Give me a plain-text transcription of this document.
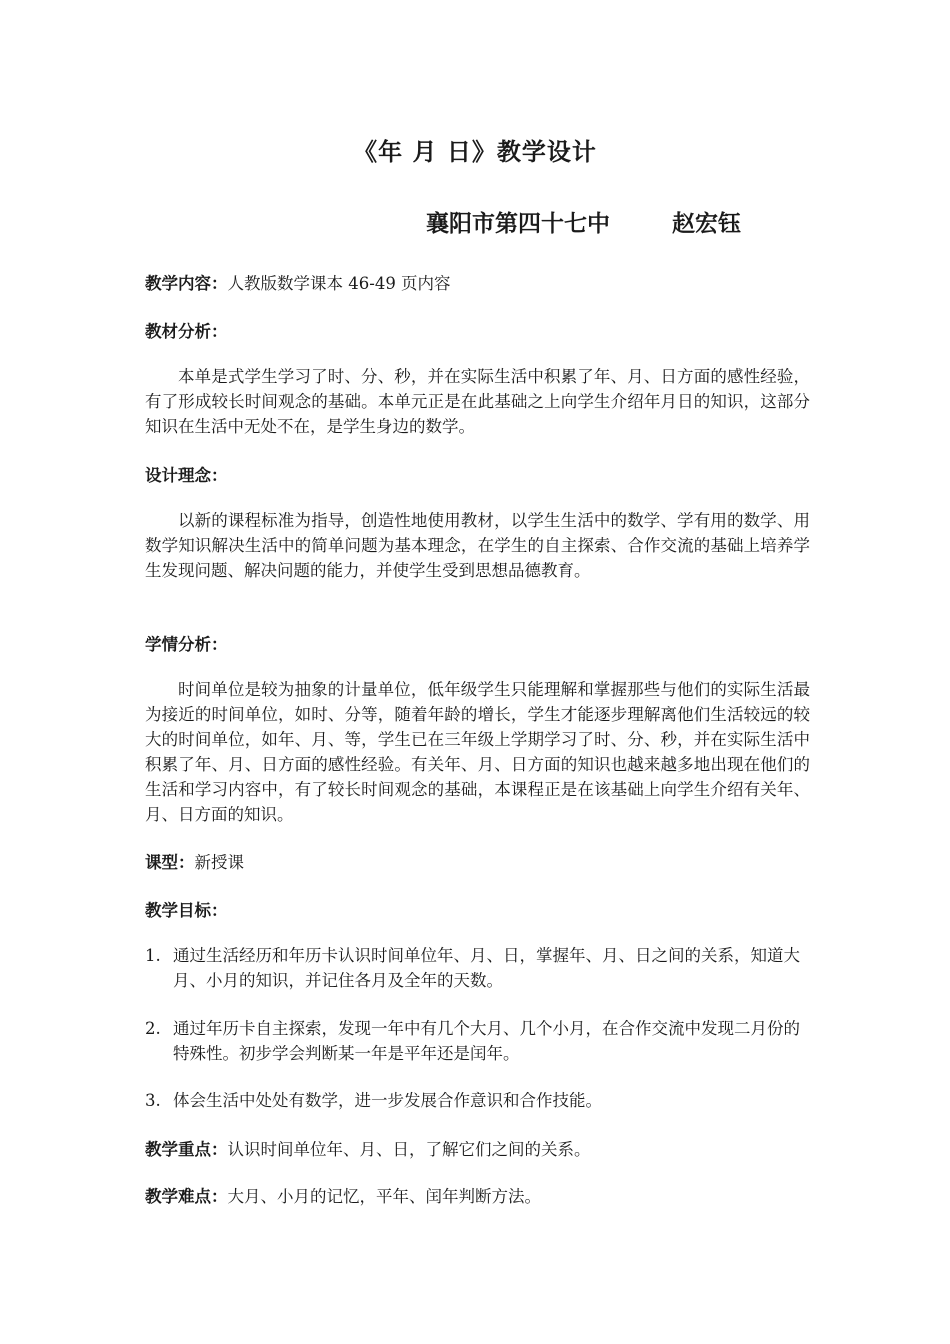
《年 月 日》教学设计
襄阳市第四十七中	赵宏钰
教学内容：人教版数学课本 46-49 页内容
教材分析：
本单是式学生学习了时、分、秒，并在实际生活中积累了年、月、日方面的感性经验，有了形成较长时间观念的基础。本单元正是在此基础之上向学生介绍年月日的知识，这部分知识在生活中无处不在，是学生身边的数学。
设计理念：
以新的课程标准为指导，创造性地使用教材，以学生生活中的数学、学有用的数学、用数学知识解决生活中的简单问题为基本理念，在学生的自主探索、合作交流的基础上培养学生发现问题、解决问题的能力，并使学生受到思想品德教育。
学情分析：
时间单位是较为抽象的计量单位，低年级学生只能理解和掌握那些与他们的实际生活最为接近的时间单位，如时、分等，随着年龄的增长，学生才能逐步理解离他们生活较远的较大的时间单位，如年、月、等，学生已在三年级上学期学习了时、分、秒，并在实际生活中积累了年、月、日方面的感性经验。有关年、月、日方面的知识也越来越多地出现在他们的生活和学习内容中，有了较长时间观念的基础，本课程正是在该基础上向学生介绍有关年、月、日方面的知识。
课型：新授课
教学目标：
1. 通过生活经历和年历卡认识时间单位年、月、日，掌握年、月、日之间的关系，知道大月、小月的知识，并记住各月及全年的天数。
2. 通过年历卡自主探索，发现一年中有几个大月、几个小月，在合作交流中发现二月份的特殊性。初步学会判断某一年是平年还是闰年。
3. 体会生活中处处有数学，进一步发展合作意识和合作技能。
教学重点：认识时间单位年、月、日，了解它们之间的关系。
教学难点：大月、小月的记忆，平年、闰年判断方法。
